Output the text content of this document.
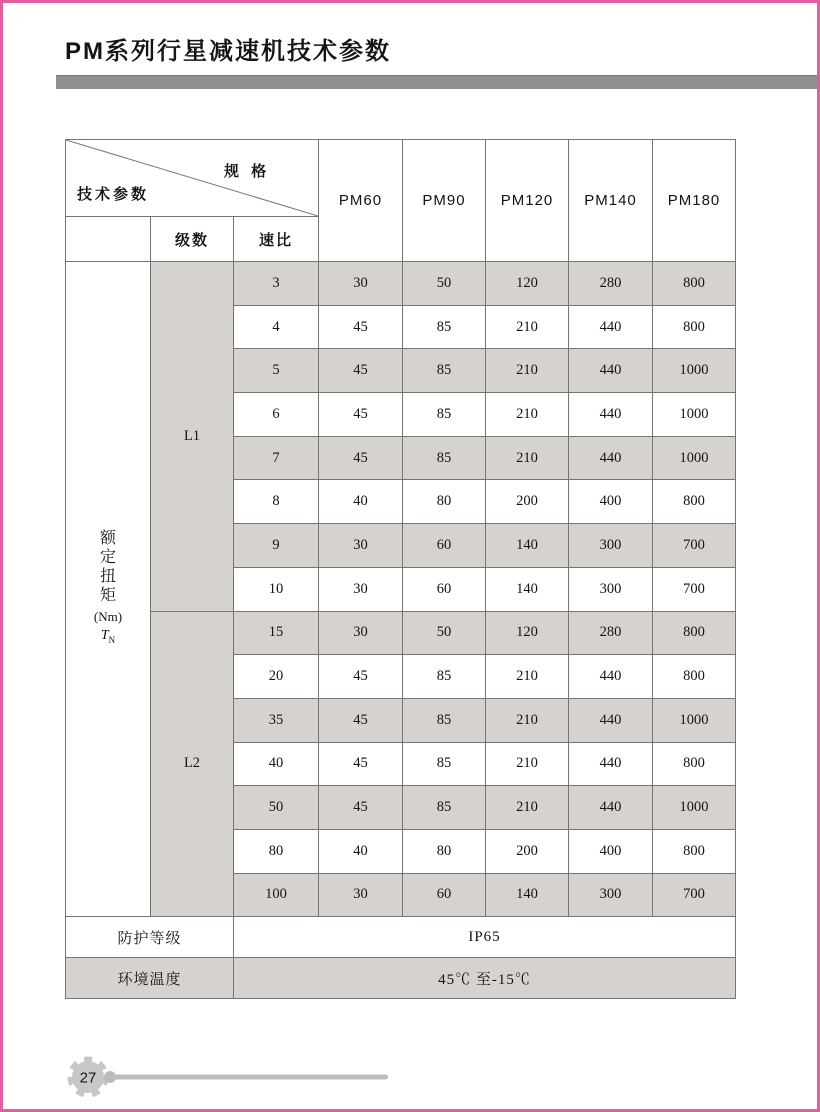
PM系列行星减速机技术参数
规 格
技术参数			PM60	PM90	PM120	PM140	PM180
	级数	速比					

额
定
扭
矩
(Nm)
$T_N$
	L1	3	30	50	120	280	800
		4	45	85	210	440	800
		5	45	85	210	440	1000
		6	45	85	210	440	1000
		7	45	85	210	440	1000
		8	40	80	200	400	800
		9	30	60	140	300	700
		10	30	60	140	300	700
	L2	15	30	50	120	280	800
		20	45	85	210	440	800
		35	45	85	210	440	1000
		40	45	85	210	440	800
		50	45	85	210	440	1000
		80	40	80	200	400	800
		100	30	60	140	300	700
防护等级		IP65					
环境温度		45℃ 至-15℃					
27
